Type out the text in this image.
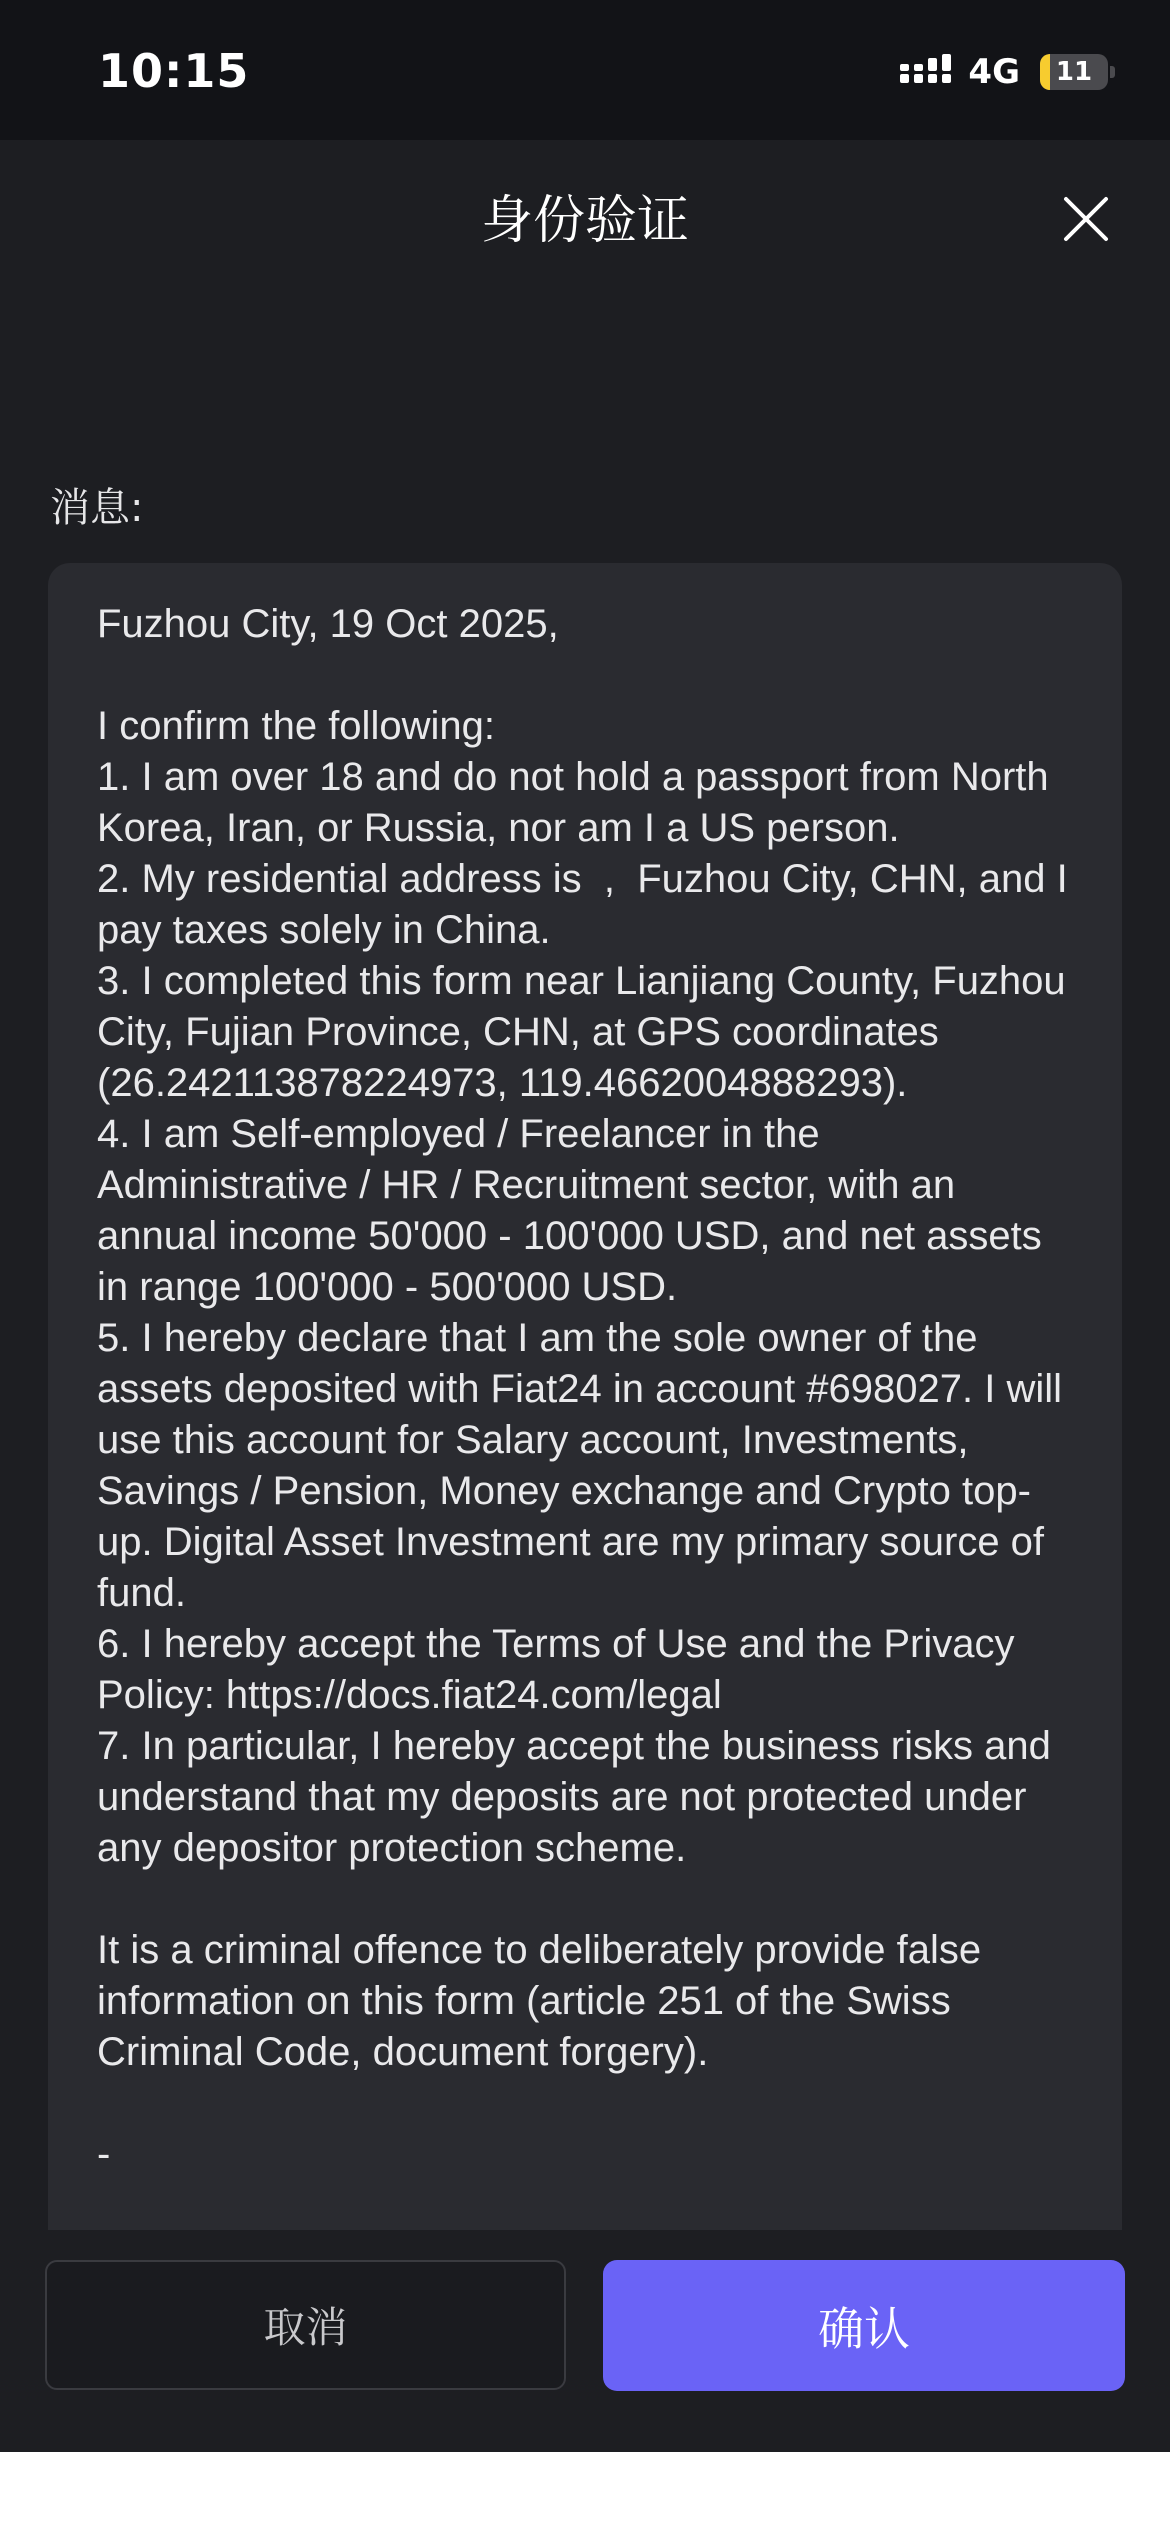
10:15	4G 11
身份验证
消息:
Fuzhou City, 19 Oct 2025,

I confirm the following:
1. I am over 18 and do not hold a passport from North Korea, Iran, or Russia, nor am I a US person.
2. My residential address is  ,  Fuzhou City, CHN, and I pay taxes solely in China.
3. I completed this form near Lianjiang County, Fuzhou City, Fujian Province, CHN, at GPS coordinates (26.242113878224973, 119.4662004888293).
4. I am Self-employed / Freelancer in the Administrative / HR / Recruitment sector, with an annual income 50'000 - 100'000 USD, and net assets in range 100'000 - 500'000 USD.
5. I hereby declare that I am the sole owner of the assets deposited with Fiat24 in account #698027. I will use this account for Salary account, Investments, Savings / Pension, Money exchange and Crypto top-up. Digital Asset Investment are my primary source of fund.
6. I hereby accept the Terms of Use and the Privacy Policy: https://docs.fiat24.com/legal
7. In particular, I hereby accept the business risks and understand that my deposits are not protected under any depositor protection scheme.

It is a criminal offence to deliberately provide false information on this form (article 251 of the Swiss Criminal Code, document forgery).

-
取消	确认
